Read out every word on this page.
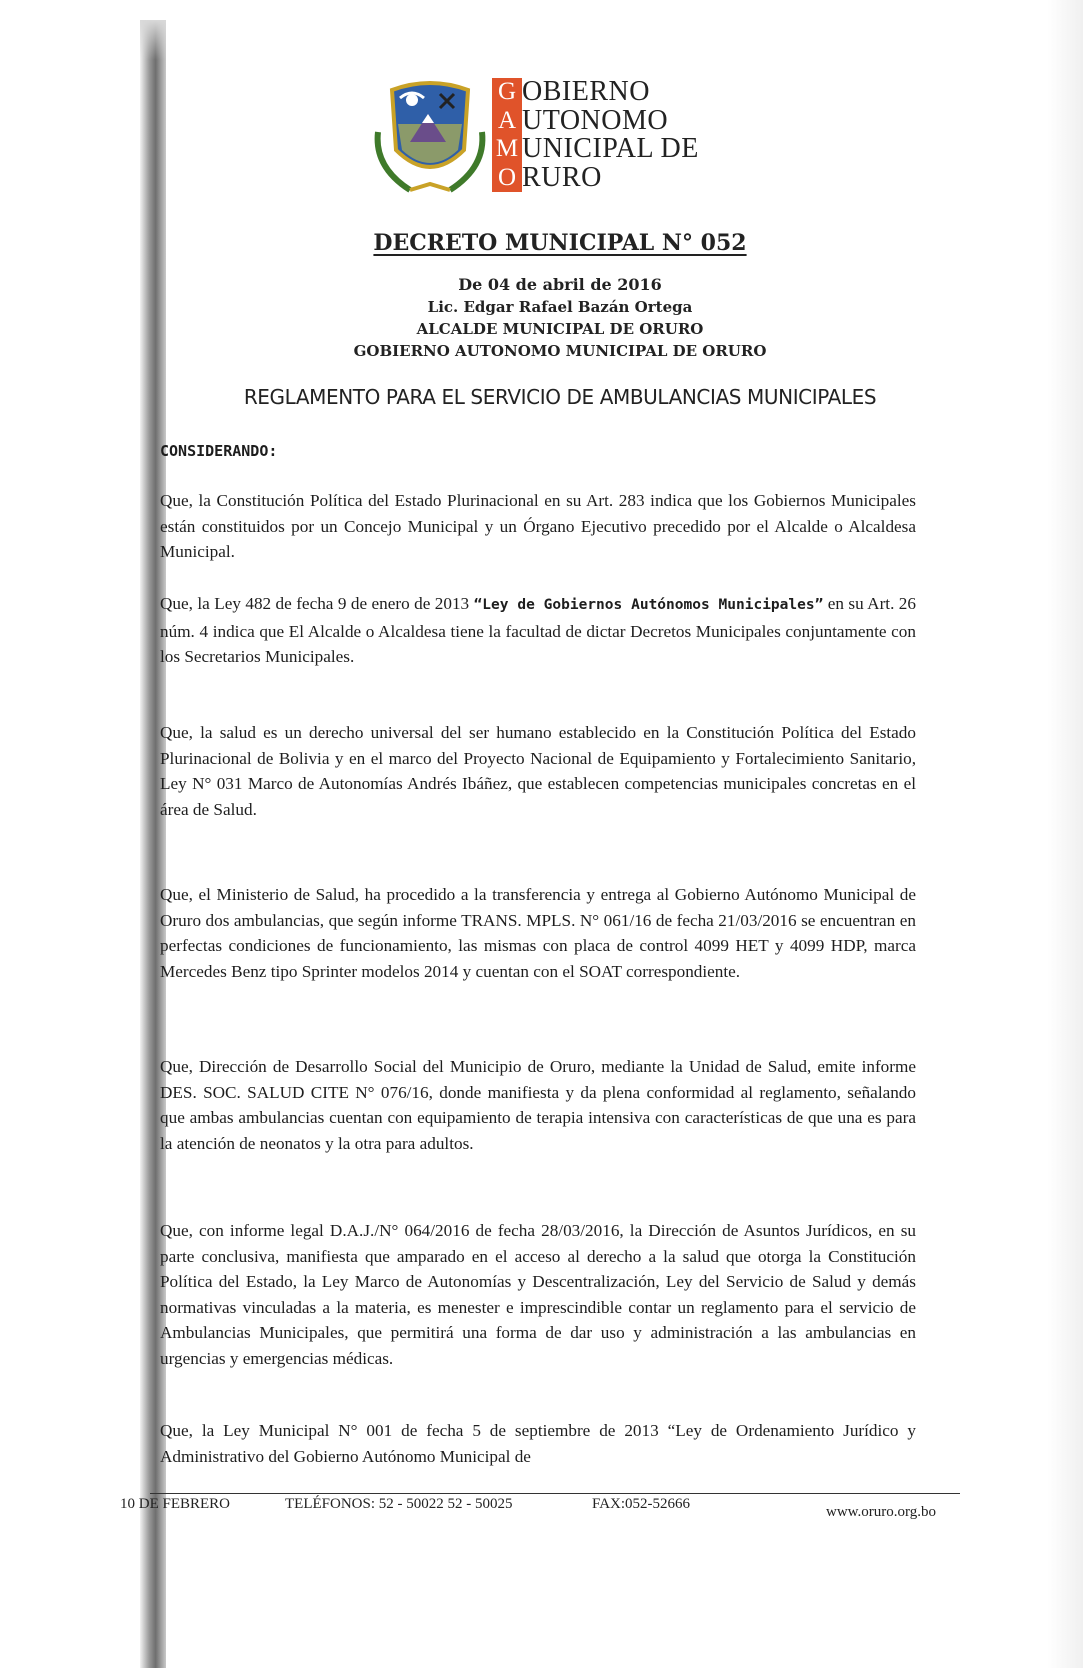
G
A
M
O
OBIERNO
UTONOMO
UNICIPAL DE
RURO
DECRETO MUNICIPAL N° 052
De 04 de abril de 2016
Lic. Edgar Rafael Bazán Ortega
ALCALDE MUNICIPAL DE ORURO
GOBIERNO AUTONOMO MUNICIPAL DE ORURO
REGLAMENTO PARA EL SERVICIO DE AMBULANCIAS MUNICIPALES
CONSIDERANDO:
Que, la Constitución Política del Estado Plurinacional en su Art. 283 indica que los Gobiernos Municipales están constituidos por un Concejo Municipal y un Órgano Ejecutivo precedido por el Alcalde o Alcaldesa Municipal.
Que, la Ley 482 de fecha 9 de enero de 2013 “Ley de Gobiernos Autónomos Municipales” en su Art. 26 núm. 4 indica que El Alcalde o Alcaldesa tiene la facultad de dictar Decretos Municipales conjuntamente con los Secretarios Municipales.
Que, la salud es un derecho universal del ser humano establecido en la Constitución Política del Estado Plurinacional de Bolivia y en el marco del Proyecto Nacional de Equipamiento y Fortalecimiento Sanitario, Ley N° 031 Marco de Autonomías Andrés Ibáñez, que establecen competencias municipales concretas en el área de Salud.
Que, el Ministerio de Salud, ha procedido a la transferencia y entrega al Gobierno Autónomo Municipal de Oruro dos ambulancias, que según informe TRANS. MPLS. N° 061/16 de fecha 21/03/2016 se encuentran en perfectas condiciones de funcionamiento, las mismas con placa de control 4099 HET y 4099 HDP, marca Mercedes Benz tipo Sprinter modelos 2014 y cuentan con el SOAT correspondiente.
Que, Dirección de Desarrollo Social del Municipio de Oruro, mediante la Unidad de Salud, emite informe DES. SOC. SALUD CITE N° 076/16, donde manifiesta y da plena conformidad al reglamento, señalando que ambas ambulancias cuentan con equipamiento de terapia intensiva con características de que una es para la atención de neonatos y la otra para adultos.
Que, con informe legal D.A.J./N° 064/2016 de fecha 28/03/2016, la Dirección de Asuntos Jurídicos, en su parte conclusiva, manifiesta que amparado en el acceso al derecho a la salud que otorga la Constitución Política del Estado, la Ley Marco de Autonomías y Descentralización, Ley del Servicio de Salud y demás normativas vinculadas a la materia, es menester e imprescindible contar un reglamento para el servicio de Ambulancias Municipales, que permitirá una forma de dar uso y administración a las ambulancias en urgencias y emergencias médicas.
Que, la Ley Municipal N° 001 de fecha 5 de septiembre de 2013 “Ley de Ordenamiento Jurídico y Administrativo del Gobierno Autónomo Municipal de
10 DE FEBRERO	TELÉFONOS: 52 - 50022 52 - 50025	FAX:052-52666	www.oruro.org.bo
